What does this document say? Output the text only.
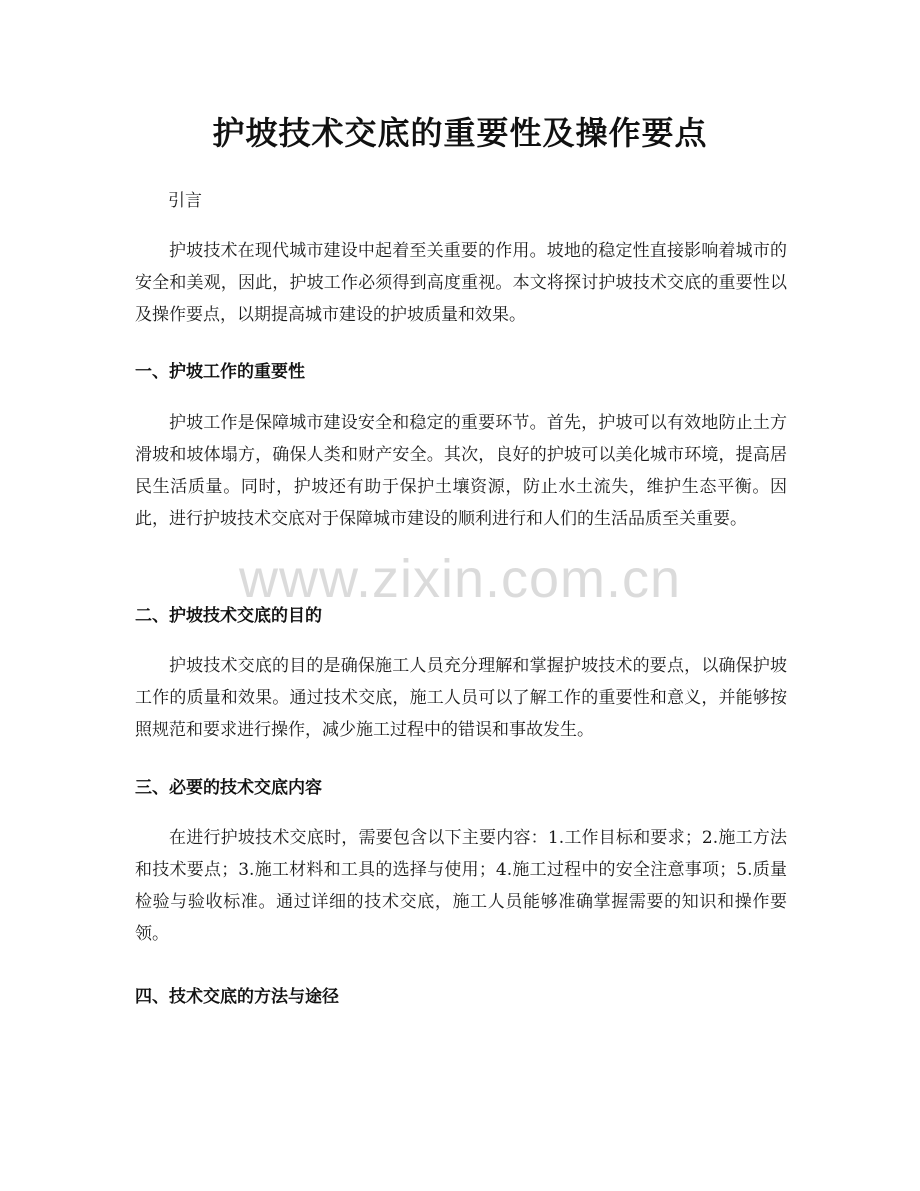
护坡技术交底的重要性及操作要点
引言

护坡技术在现代城市建设中起着至关重要的作用。坡地的稳定性直接影响着城市的安全和美观，因此，护坡工作必须得到高度重视。本文将探讨护坡技术交底的重要性以及操作要点，以期提高城市建设的护坡质量和效果。

一、护坡工作的重要性

护坡工作是保障城市建设安全和稳定的重要环节。首先，护坡可以有效地防止土方滑坡和坡体塌方，确保人类和财产安全。其次，良好的护坡可以美化城市环境，提高居民生活质量。同时，护坡还有助于保护土壤资源，防止水土流失，维护生态平衡。因此，进行护坡技术交底对于保障城市建设的顺利进行和人们的生活品质至关重要。

二、护坡技术交底的目的

护坡技术交底的目的是确保施工人员充分理解和掌握护坡技术的要点，以确保护坡工作的质量和效果。通过技术交底，施工人员可以了解工作的重要性和意义，并能够按照规范和要求进行操作，减少施工过程中的错误和事故发生。

三、必要的技术交底内容

在进行护坡技术交底时，需要包含以下主要内容：1.工作目标和要求；2.施工方法和技术要点；3.施工材料和工具的选择与使用；4.施工过程中的安全注意事项；5.质量检验与验收标准。通过详细的技术交底，施工人员能够准确掌握需要的知识和操作要领。

四、技术交底的方法与途径
www.zixin.com.cn
